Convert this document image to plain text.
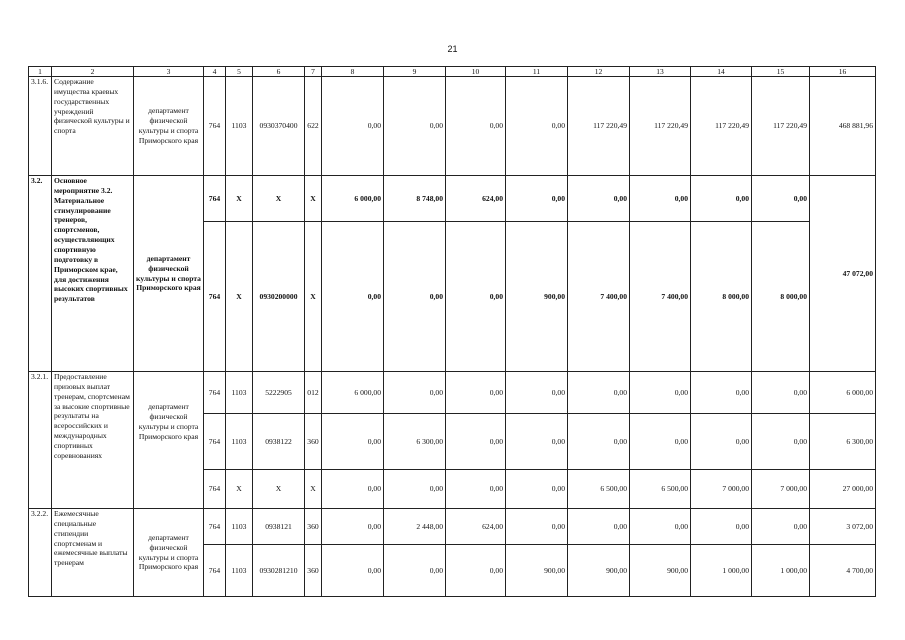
21
1	2	3	4	5	6	7	8	9	10	11	12	13	14	15	16
3.1.6.	Содержание имущества краевых государственных учреждений физической культуры и спорта	департамент физической культуры и спорта Приморского края	764	1103	0930370400	622	0,00	0,00	0,00	0,00	117 220,49	117 220,49	117 220,49	117 220,49	468 881,96
3.2.	Основное мероприятие 3.2. Материальное стимулирование тренеров, спортсменов, осуществляющих спортивную подготовку в Приморском крае, для достижения высоких спортивных результатов	департамент физической культуры и спорта Приморского края	764	X	X	X	6 000,00	8 748,00	624,00	0,00	0,00	0,00	0,00	0,00	47 072,00
			764	X	0930200000	X	0,00	0,00	0,00	900,00	7 400,00	7 400,00	8 000,00	8 000,00	
3.2.1.	Предоставление призовых выплат тренерам, спортсменам за высокие спортивные результаты на всероссийских и международных спортивных соревнованиях	департамент физической культуры и спорта Приморского края	764	1103	5222905	012	6 000,00	0,00	0,00	0,00	0,00	0,00	0,00	0,00	6 000,00
			764	1103	0938122	360	0,00	6 300,00	0,00	0,00	0,00	0,00	0,00	0,00	6 300,00
			764	X	X	X	0,00	0,00	0,00	0,00	6 500,00	6 500,00	7 000,00	7 000,00	27 000,00
3.2.2.	Ежемесячные специальные стипендии спортсменам и ежемесячные выплаты тренерам	департамент физической культуры и спорта Приморского края	764	1103	0938121	360	0,00	2 448,00	624,00	0,00	0,00	0,00	0,00	0,00	3 072,00
			764	1103	0930281210	360	0,00	0,00	0,00	900,00	900,00	900,00	1 000,00	1 000,00	4 700,00
